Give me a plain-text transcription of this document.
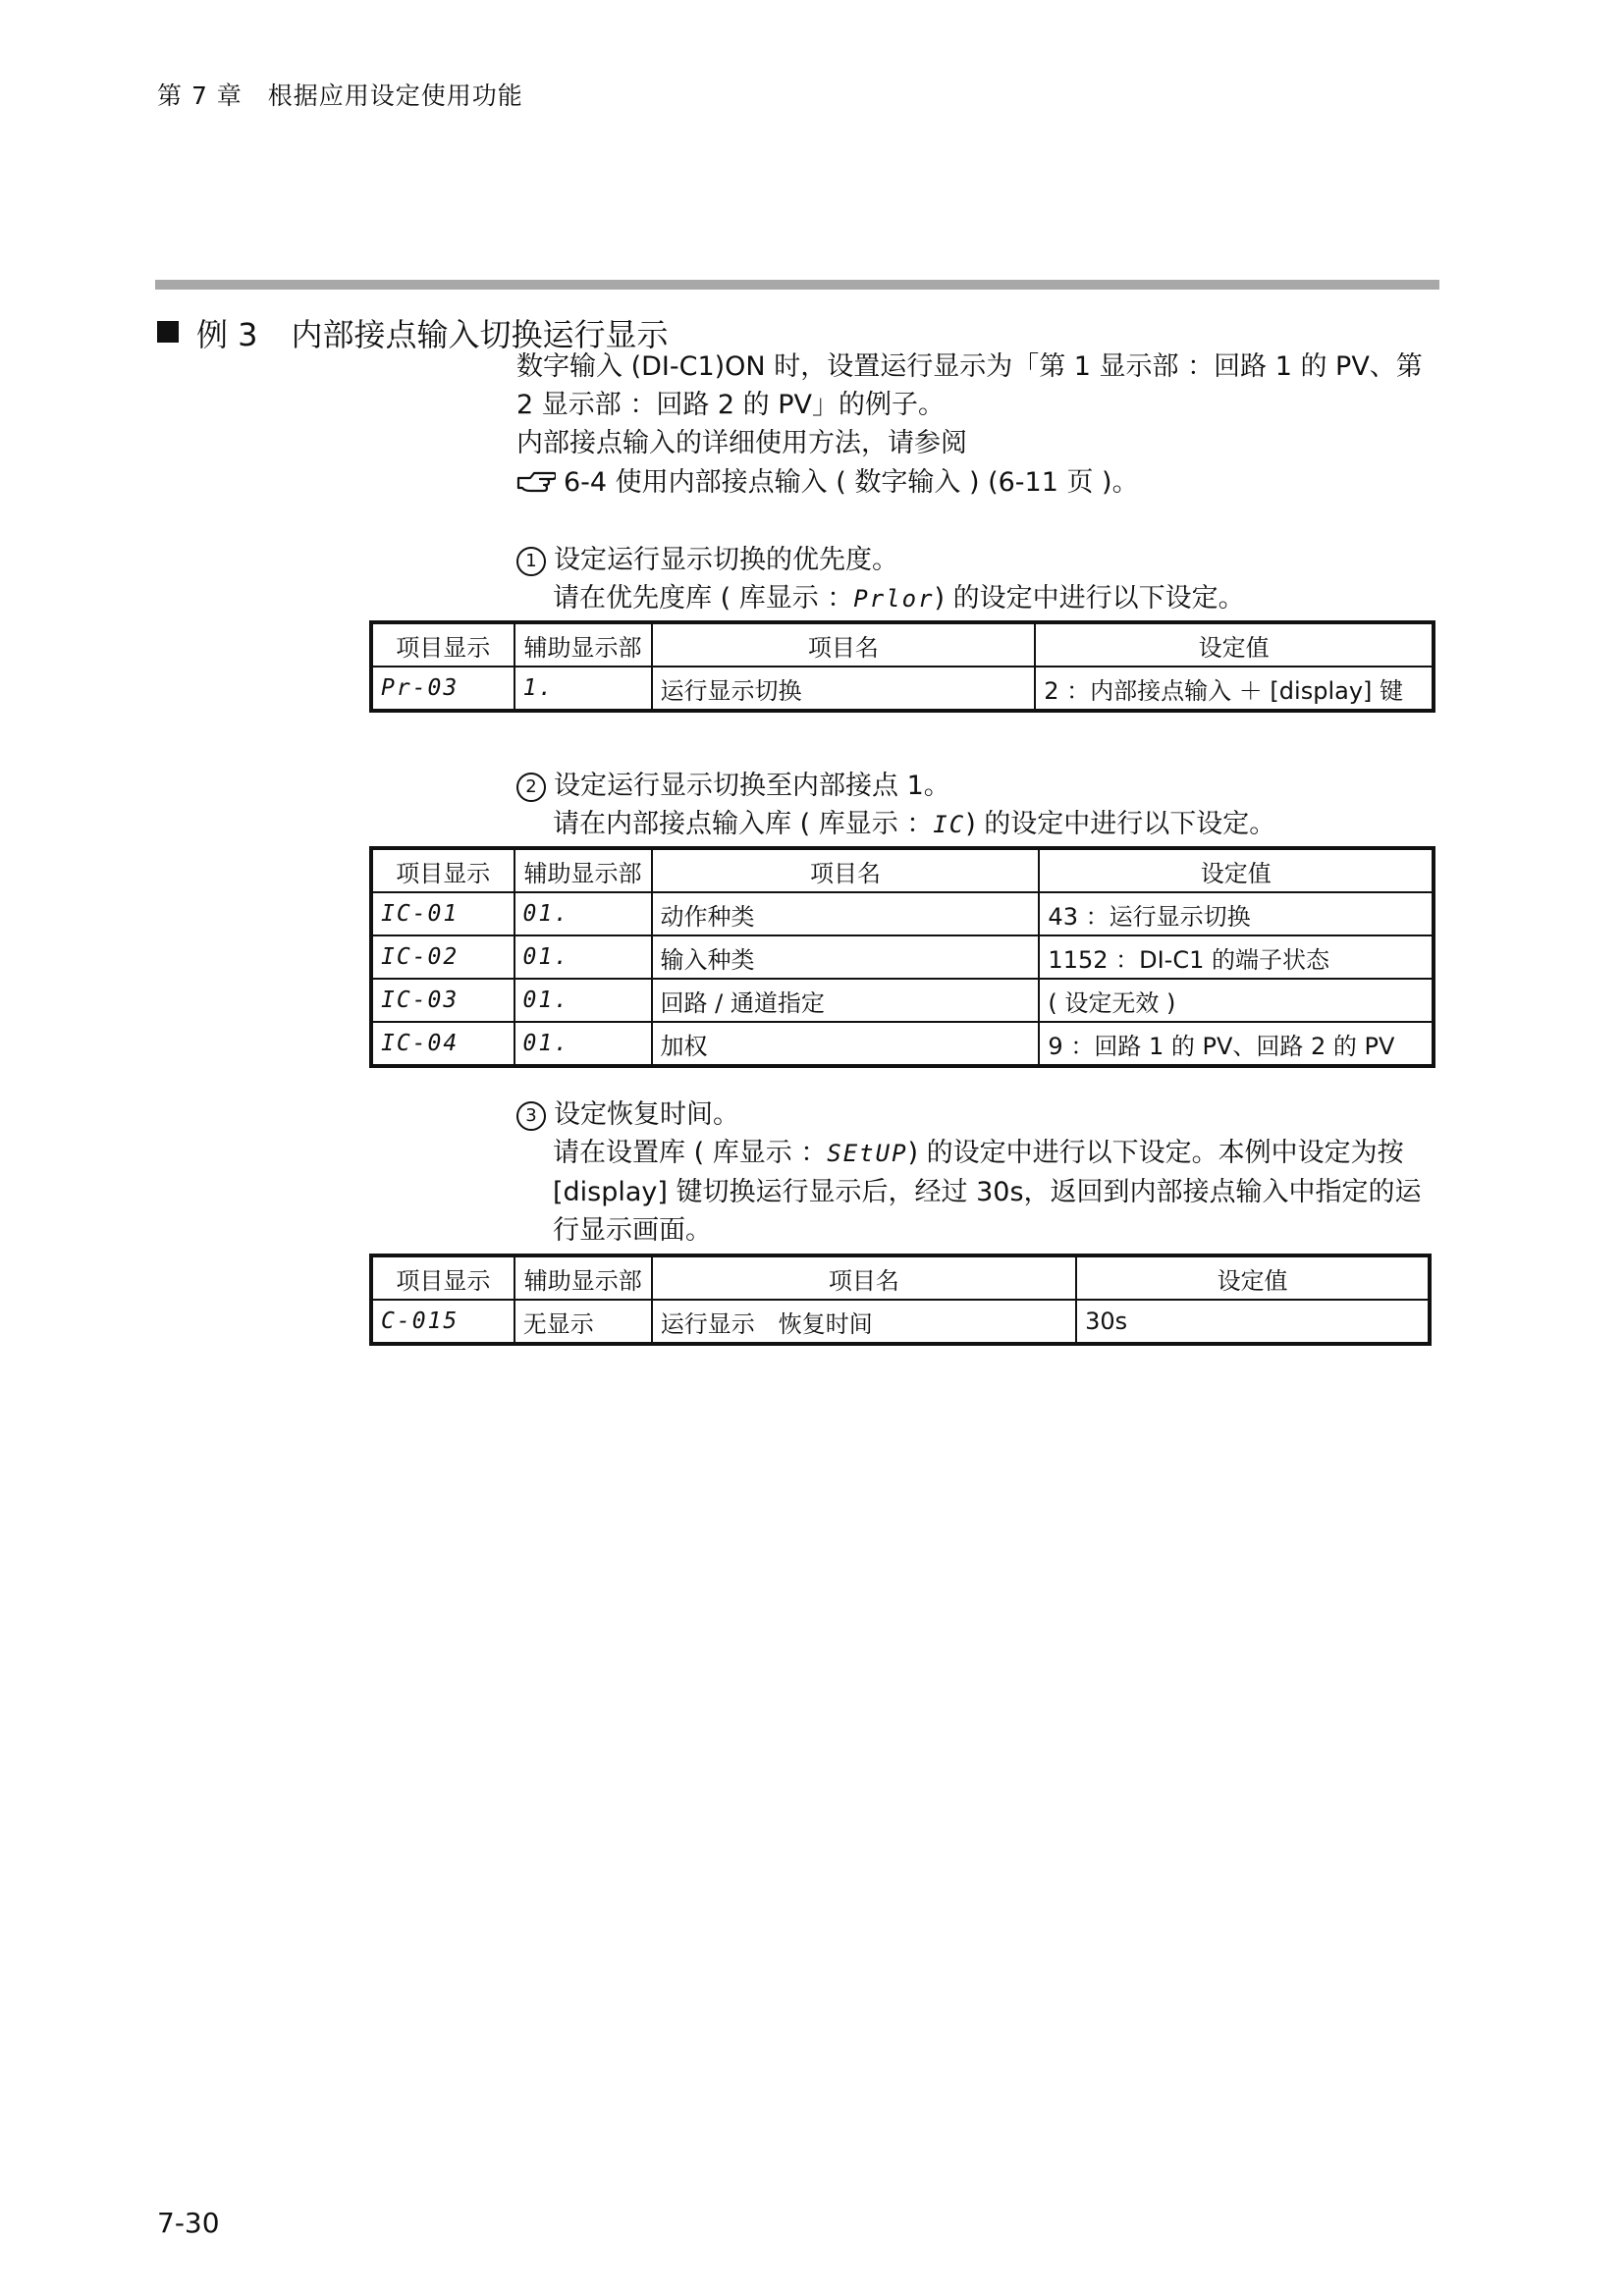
第 7 章　根据应用设定使用功能
例 3 内部接点输入切换运行显示
数字输入 (DI-C1)ON 时，设置运行显示为「第 1 显示部 ：回路 1 的 PV、第
2 显示部 ：回路 2 的 PV」的例子。
内部接点输入的详细使用方法，请参阅
6-4 使用内部接点输入 ( 数字输入 ) (6-11 页 )。
1 设定运行显示切换的优先度。
请在优先度库 ( 库显示 ：Prlor) 的设定中进行以下设定。
项目显示	辅助显示部	项目名	设定值
Pr-03	1.	运行显示切换	2 ：内部接点输入 ＋ [display] 键
2 设定运行显示切换至内部接点 1。
请在内部接点输入库 ( 库显示 ：IC) 的设定中进行以下设定。
项目显示	辅助显示部	项目名	设定值
IC-01	01.	动作种类	43 ：运行显示切换
IC-02	01.	输入种类	1152 ：DI-C1 的端子状态
IC-03	01.	回路 / 通道指定	( 设定无效 )
IC-04	01.	加权	9 ：回路 1 的 PV、回路 2 的 PV
3 设定恢复时间。
请在设置库 ( 库显示 ：SEtUP) 的设定中进行以下设定。本例中设定为按
[display] 键切换运行显示后，经过 30s，返回到内部接点输入中指定的运
行显示画面。
项目显示	辅助显示部	项目名	设定值
C-015	无显示	运行显示　恢复时间	30s
7-30
